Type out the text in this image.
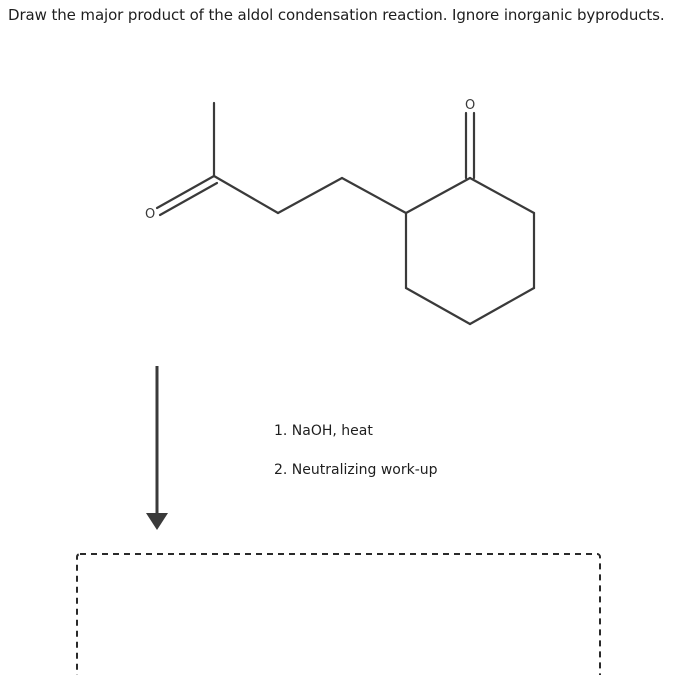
Draw the major product of the aldol condensation reaction. Ignore inorganic byproducts.
O
O
1. NaOH, heat
2. Neutralizing work-up
